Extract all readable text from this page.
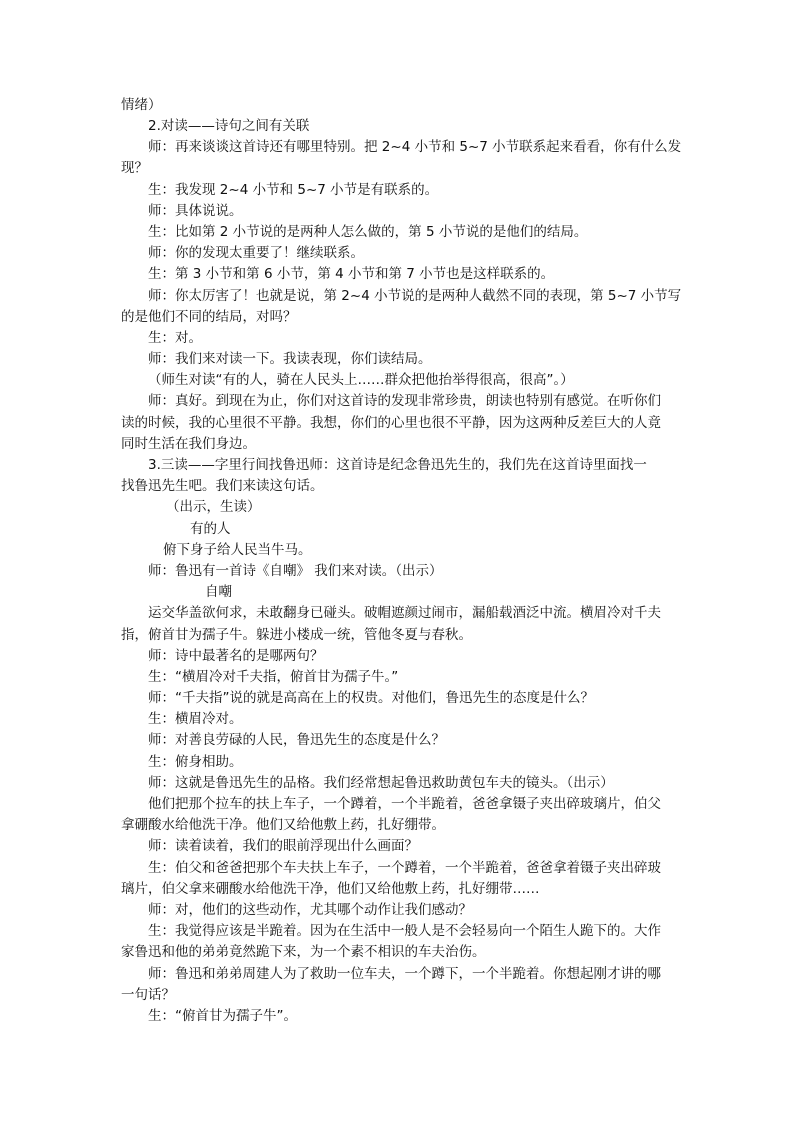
情绪）
2.对读——诗句之间有关联
师：再来谈谈这首诗还有哪里特别。把 2~4 小节和 5~7 小节联系起来看看，你有什么发
现？
生：我发现 2~4 小节和 5~7 小节是有联系的。
师：具体说说。
生：比如第 2 小节说的是两种人怎么做的，第 5 小节说的是他们的结局。
师：你的发现太重要了！继续联系。
生：第 3 小节和第 6 小节，第 4 小节和第 7 小节也是这样联系的。
师：你太厉害了！也就是说，第 2~4 小节说的是两种人截然不同的表现，第 5~7 小节写
的是他们不同的结局，对吗？
生：对。
师：我们来对读一下。我读表现，你们读结局。
（师生对读“有的人，骑在人民头上……群众把他抬举得很高，很高”。）
师：真好。到现在为止，你们对这首诗的发现非常珍贵，朗读也特别有感觉。在听你们
读的时候，我的心里很不平静。我想，你们的心里也很不平静，因为这两种反差巨大的人竟
同时生活在我们身边。
3.三读——字里行间找鲁迅师：这首诗是纪念鲁迅先生的，我们先在这首诗里面找一
找鲁迅先生吧。我们来读这句话。
（出示，生读）
有的人
俯下身子给人民当牛马。
师：鲁迅有一首诗《自嘲》 我们来对读。（出示）
自嘲
运交华盖欲何求，未敢翻身已碰头。破帽遮颜过闹市，漏船载酒泛中流。横眉冷对千夫
指，俯首甘为孺子牛。躲进小楼成一统，管他冬夏与春秋。
师：诗中最著名的是哪两句？
生：“横眉冷对千夫指，俯首甘为孺子牛。”
师：“千夫指”说的就是高高在上的权贵。对他们，鲁迅先生的态度是什么？
生：横眉冷对。
师：对善良劳碌的人民，鲁迅先生的态度是什么？
生：俯身相助。
师：这就是鲁迅先生的品格。我们经常想起鲁迅救助黄包车夫的镜头。（出示）
他们把那个拉车的扶上车子，一个蹲着，一个半跪着，爸爸拿镊子夹出碎玻璃片，伯父
拿硼酸水给他洗干净。他们又给他敷上药，扎好绷带。
师：读着读着，我们的眼前浮现出什么画面？
生：伯父和爸爸把那个车夫扶上车子，一个蹲着，一个半跪着，爸爸拿着镊子夹出碎玻
璃片，伯父拿来硼酸水给他洗干净，他们又给他敷上药，扎好绷带……
师：对，他们的这些动作，尤其哪个动作让我们感动？
生：我觉得应该是半跪着。因为在生活中一般人是不会轻易向一个陌生人跪下的。大作
家鲁迅和他的弟弟竟然跪下来，为一个素不相识的车夫治伤。
师：鲁迅和弟弟周建人为了救助一位车夫，一个蹲下，一个半跪着。你想起刚才讲的哪
一句话？
生：“俯首甘为孺子牛”。
